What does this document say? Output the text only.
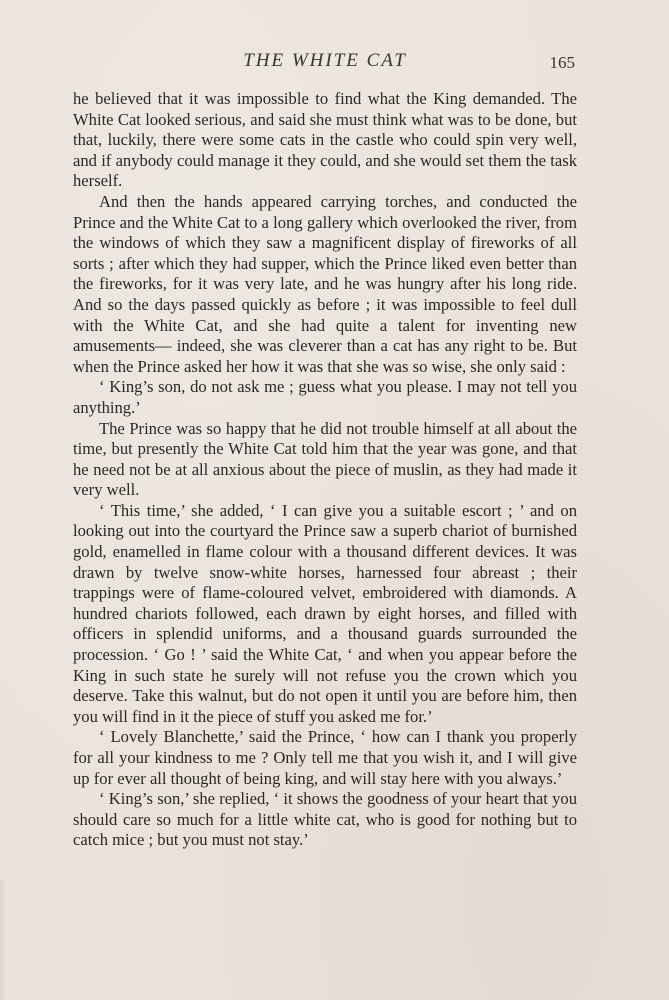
THE WHITE CAT	165

he believed that it was impossible to find what the King demanded. The White Cat looked serious, and said she must think what was to be done, but that, luckily, there were some cats in the castle who could spin very well, and if anybody could manage it they could, and she would set them the task herself.

And then the hands appeared carrying torches, and conducted the Prince and the White Cat to a long gallery which overlooked the river, from the windows of which they saw a magnificent display of fireworks of all sorts ; after which they had supper, which the Prince liked even better than the fireworks, for it was very late, and he was hungry after his long ride. And so the days passed quickly as before ; it was impossible to feel dull with the White Cat, and she had quite a talent for inventing new amusements— indeed, she was cleverer than a cat has any right to be. But when the Prince asked her how it was that she was so wise, she only said :

‘ King’s son, do not ask me ; guess what you please. I may not tell you anything.’

The Prince was so happy that he did not trouble himself at all about the time, but presently the White Cat told him that the year was gone, and that he need not be at all anxious about the piece of muslin, as they had made it very well.

‘ This time,’ she added, ‘ I can give you a suitable escort ; ’ and on looking out into the courtyard the Prince saw a superb chariot of burnished gold, enamelled in flame colour with a thousand different devices. It was drawn by twelve snow-white horses, harnessed four abreast ; their trappings were of flame-coloured velvet, embroidered with diamonds. A hundred chariots followed, each drawn by eight horses, and filled with officers in splendid uniforms, and a thousand guards surrounded the procession. ‘ Go ! ’ said the White Cat, ‘ and when you appear before the King in such state he surely will not refuse you the crown which you deserve. Take this walnut, but do not open it until you are before him, then you will find in it the piece of stuff you asked me for.’

‘ Lovely Blanchette,’ said the Prince, ‘ how can I thank you properly for all your kindness to me ? Only tell me that you wish it, and I will give up for ever all thought of being king, and will stay here with you always.’

‘ King’s son,’ she replied, ‘ it shows the goodness of your heart that you should care so much for a little white cat, who is good for nothing but to catch mice ; but you must not stay.’
